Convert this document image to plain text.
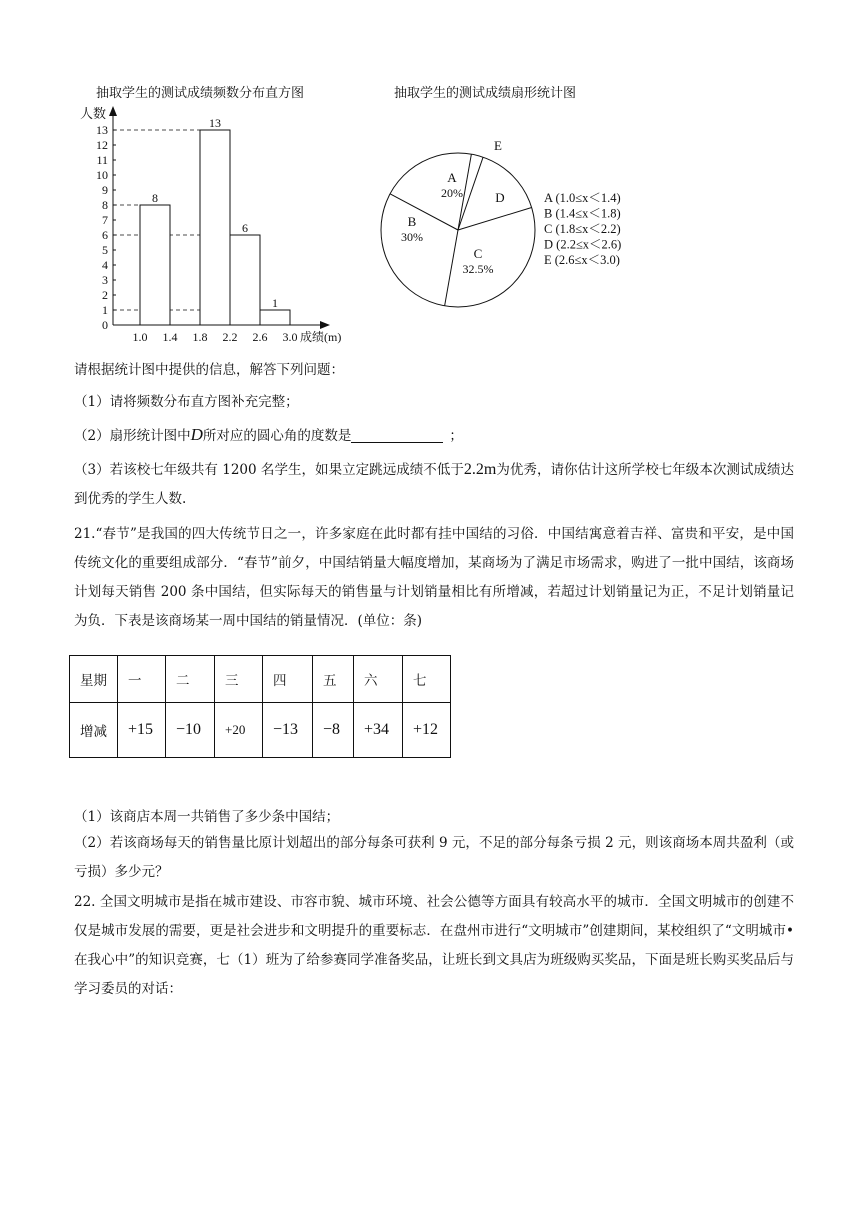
抽取学生的测试成绩频数分布直方图	抽取学生的测试成绩扇形统计图
人数
成绩(m)
0
1
2
3
4
5
6
7
8
9
10
11
12
13
1.0 1.4 1.8 2.2 2.6 3.0
8
13
6
1
A
20%
E
D
C
32.5%
B
30%
A (1.0≤x＜1.4)
B (1.4≤x＜1.8)
C (1.8≤x＜2.2)
D (2.2≤x＜2.6)
E (2.6≤x＜3.0)
请根据统计图中提供的信息，解答下列问题：
（1）请将频数分布直方图补充完整；
（2）扇形统计图中D所对应的圆心角的度数是	；
（3）若该校七年级共有 1200 名学生，如果立定跳远成绩不低于2.2m为优秀，请你估计这所学校七年级本次测试成绩达到优秀的学生人数.
21.“春节”是我国的四大传统节日之一，许多家庭在此时都有挂中国结的习俗．中国结寓意着吉祥、富贵和平安，是中国传统文化的重要组成部分．“春节”前夕，中国结销量大幅度增加，某商场为了满足市场需求，购进了一批中国结，该商场计划每天销售 200 条中国结，但实际每天的销售量与计划销量相比有所增减，若超过计划销量记为正，不足计划销量记为负．下表是该商场某一周中国结的销量情况．(单位：条)
星期	一	二	三	四	五	六	七
增减	+15	−10	+20	−13	−8	+34	+12
（1）该商店本周一共销售了多少条中国结；
（2）若该商场每天的销售量比原计划超出的部分每条可获利 9 元，不足的部分每条亏损 2 元，则该商场本周共盈利（或亏损）多少元？
22. 全国文明城市是指在城市建设、市容市貌、城市环境、社会公德等方面具有较高水平的城市．全国文明城市的创建不仅是城市发展的需要，更是社会进步和文明提升的重要标志．在盘州市进行“文明城市”创建期间，某校组织了“文明城市•在我心中”的知识竞赛，七（1）班为了给参赛同学准备奖品，让班长到文具店为班级购买奖品，下面是班长购买奖品后与学习委员的对话：
